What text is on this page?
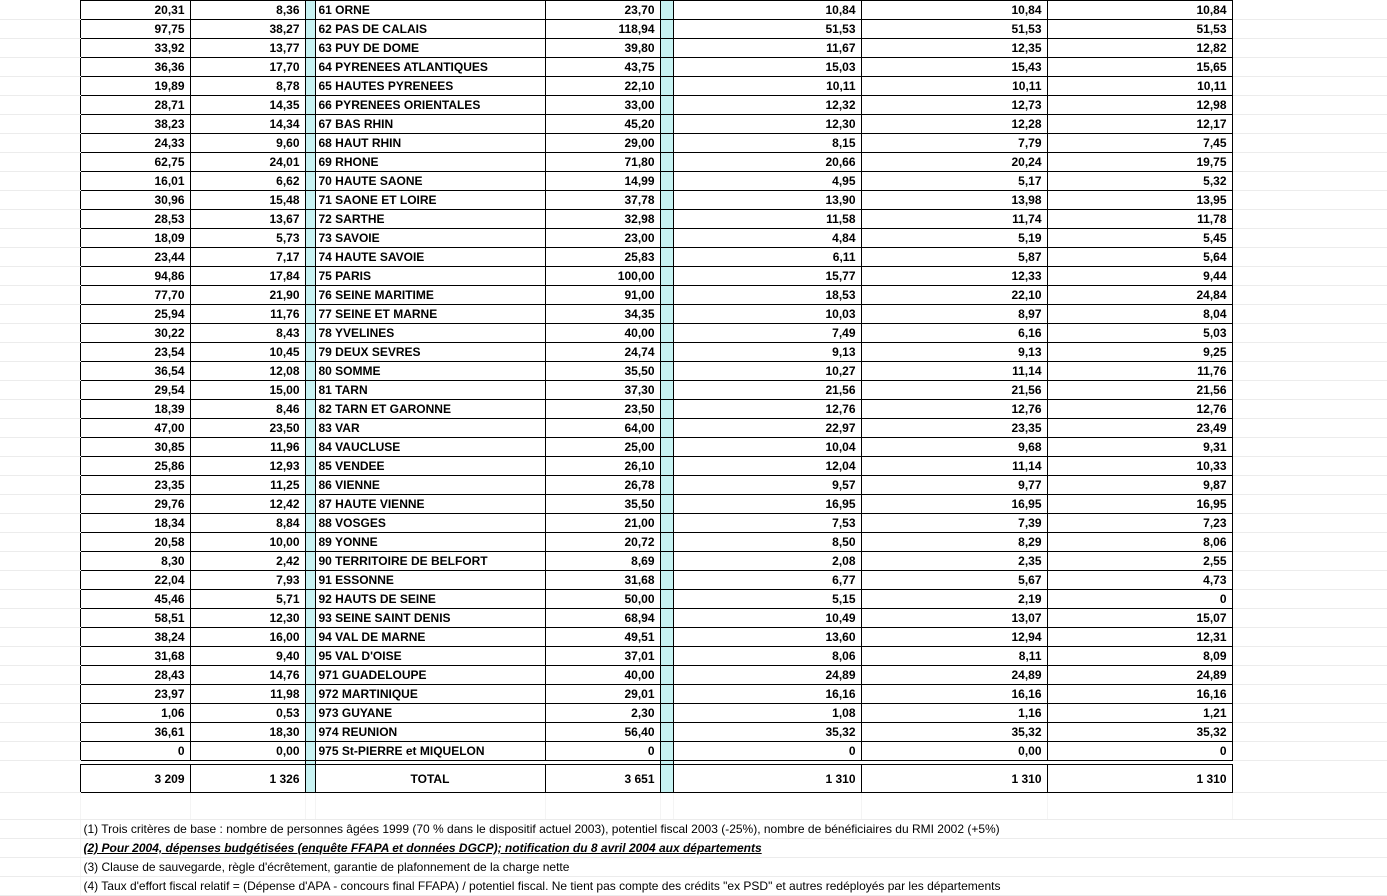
	20,31	8,36		61 ORNE	23,70		10,84	10,84	10,84	
	97,75	38,27		62 PAS DE CALAIS	118,94		51,53	51,53	51,53	
	33,92	13,77		63 PUY DE DOME	39,80		11,67	12,35	12,82	
	36,36	17,70		64 PYRENEES ATLANTIQUES	43,75		15,03	15,43	15,65	
	19,89	8,78		65 HAUTES PYRENEES	22,10		10,11	10,11	10,11	
	28,71	14,35		66 PYRENEES ORIENTALES	33,00		12,32	12,73	12,98	
	38,23	14,34		67 BAS RHIN	45,20		12,30	12,28	12,17	
	24,33	9,60		68 HAUT RHIN	29,00		8,15	7,79	7,45	
	62,75	24,01		69 RHONE	71,80		20,66	20,24	19,75	
	16,01	6,62		70 HAUTE SAONE	14,99		4,95	5,17	5,32	
	30,96	15,48		71 SAONE ET LOIRE	37,78		13,90	13,98	13,95	
	28,53	13,67		72 SARTHE	32,98		11,58	11,74	11,78	
	18,09	5,73		73 SAVOIE	23,00		4,84	5,19	5,45	
	23,44	7,17		74 HAUTE SAVOIE	25,83		6,11	5,87	5,64	
	94,86	17,84		75 PARIS	100,00		15,77	12,33	9,44	
	77,70	21,90		76 SEINE MARITIME	91,00		18,53	22,10	24,84	
	25,94	11,76		77 SEINE ET MARNE	34,35		10,03	8,97	8,04	
	30,22	8,43		78 YVELINES	40,00		7,49	6,16	5,03	
	23,54	10,45		79 DEUX SEVRES	24,74		9,13	9,13	9,25	
	36,54	12,08		80 SOMME	35,50		10,27	11,14	11,76	
	29,54	15,00		81 TARN	37,30		21,56	21,56	21,56	
	18,39	8,46		82 TARN ET GARONNE	23,50		12,76	12,76	12,76	
	47,00	23,50		83 VAR	64,00		22,97	23,35	23,49	
	30,85	11,96		84 VAUCLUSE	25,00		10,04	9,68	9,31	
	25,86	12,93		85 VENDEE	26,10		12,04	11,14	10,33	
	23,35	11,25		86 VIENNE	26,78		9,57	9,77	9,87	
	29,76	12,42		87 HAUTE VIENNE	35,50		16,95	16,95	16,95	
	18,34	8,84		88 VOSGES	21,00		7,53	7,39	7,23	
	20,58	10,00		89 YONNE	20,72		8,50	8,29	8,06	
	8,30	2,42		90 TERRITOIRE DE BELFORT	8,69		2,08	2,35	2,55	
	22,04	7,93		91 ESSONNE	31,68		6,77	5,67	4,73	
	45,46	5,71		92 HAUTS DE SEINE	50,00		5,15	2,19	0	
	58,51	12,30		93 SEINE SAINT DENIS	68,94		10,49	13,07	15,07	
	38,24	16,00		94 VAL DE MARNE	49,51		13,60	12,94	12,31	
	31,68	9,40		95 VAL D'OISE	37,01		8,06	8,11	8,09	
	28,43	14,76		971 GUADELOUPE	40,00		24,89	24,89	24,89	
	23,97	11,98		972 MARTINIQUE	29,01		16,16	16,16	16,16	
	1,06	0,53		973 GUYANE	2,30		1,08	1,16	1,21	
	36,61	18,30		974 REUNION	56,40		35,32	35,32	35,32	
	0	0,00		975 St-PIERRE et MIQUELON	0		0	0,00	0	

	3 209	1 326		TOTAL	3 651		1 310	1 310	1 310	

	(1) Trois critères de base : nombre de personnes âgées 1999 (70 % dans le dispositif actuel 2003), potentiel fiscal 2003 (-25%), nombre de bénéficiaires du RMI 2002 (+5%)									
	(2) Pour 2004, dépenses budgétisées (enquête FFAPA et données DGCP); notification du 8 avril 2004 aux départements									
	(3) Clause de sauvegarde, règle d'écrêtement, garantie de plafonnement de la charge nette									
	(4) Taux d'effort fiscal relatif = (Dépense d'APA - concours final FFAPA) / potentiel fiscal. Ne tient pas compte des crédits "ex PSD" et autres redéployés par les départements									
